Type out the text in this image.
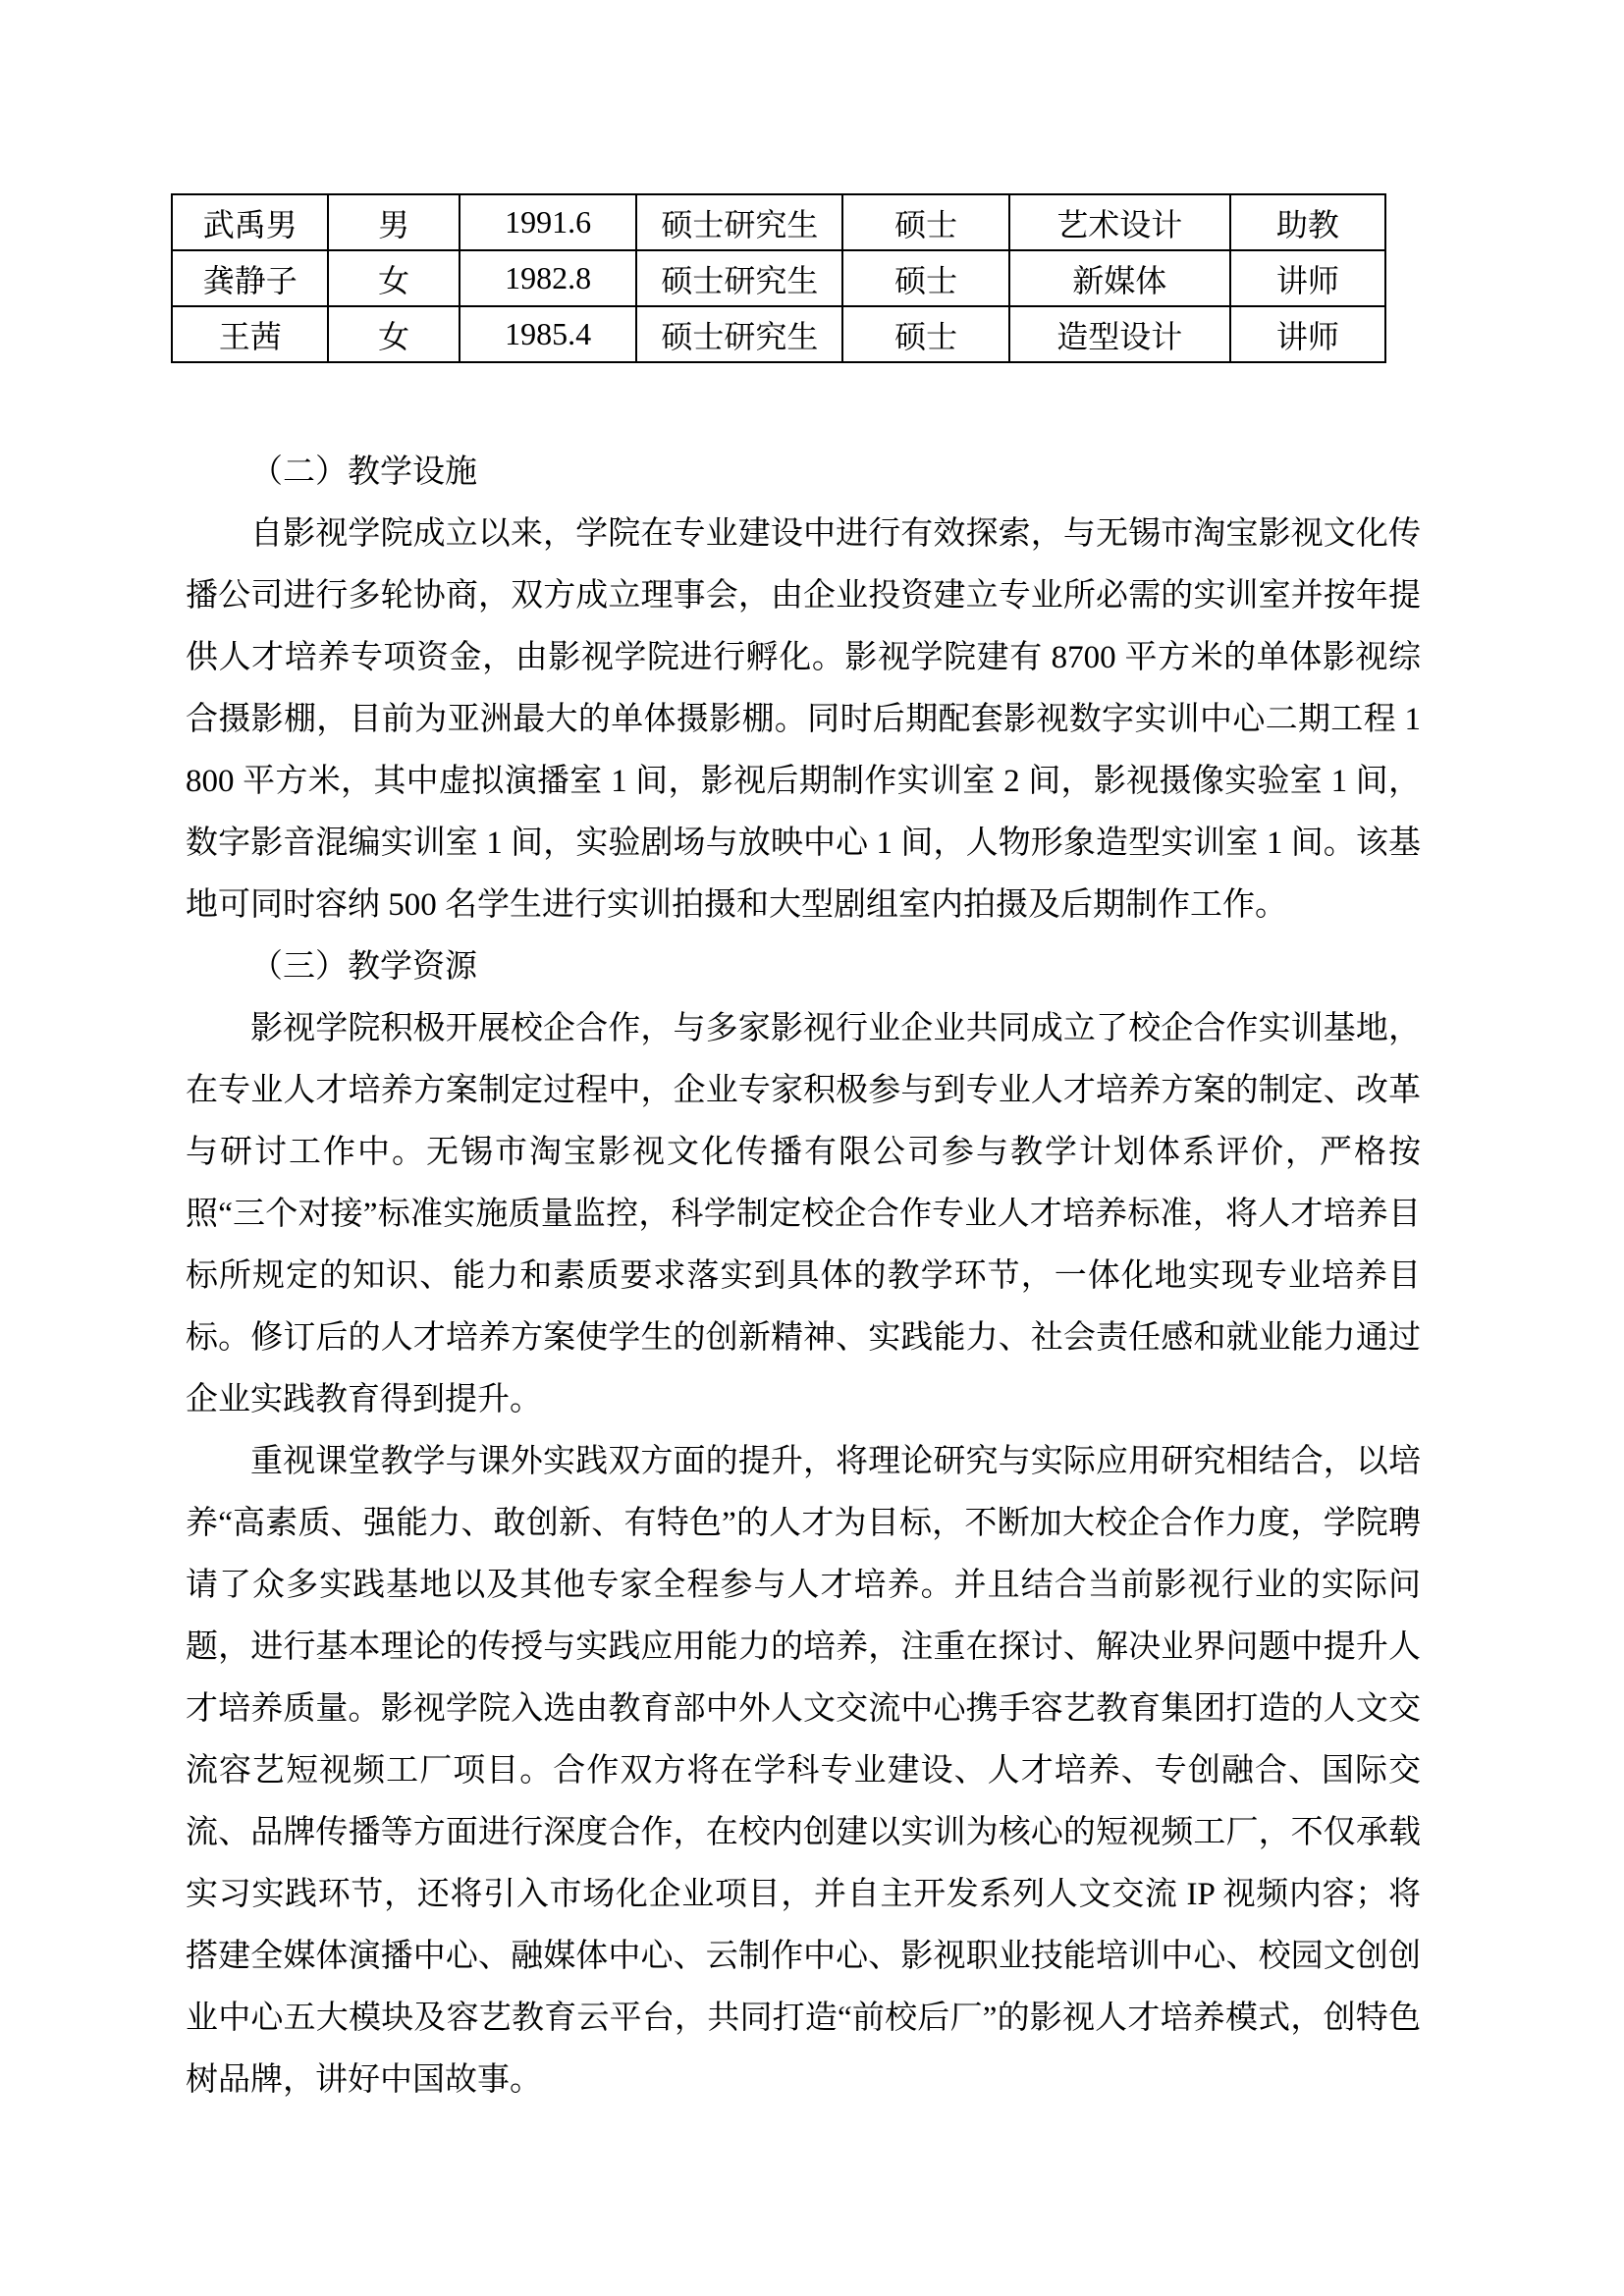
武禹男	男	1991.6	硕士研究生	硕士	艺术设计	助教
龚静子	女	1982.8	硕士研究生	硕士	新媒体	讲师
王茜	女	1985.4	硕士研究生	硕士	造型设计	讲师

（二）教学设施

自影视学院成立以来，学院在专业建设中进行有效探索，与无锡市淘宝影视文化传播公司进行多轮协商，双方成立理事会，由企业投资建立专业所必需的实训室并按年提供人才培养专项资金，由影视学院进行孵化。影视学院建有 8700 平方米的单体影视综合摄影棚，目前为亚洲最大的单体摄影棚。同时后期配套影视数字实训中心二期工程 1800 平方米，其中虚拟演播室 1 间，影视后期制作实训室 2 间，影视摄像实验室 1 间，数字影音混编实训室 1 间，实验剧场与放映中心 1 间，人物形象造型实训室 1 间。该基地可同时容纳 500 名学生进行实训拍摄和大型剧组室内拍摄及后期制作工作。

（三）教学资源

影视学院积极开展校企合作，与多家影视行业企业共同成立了校企合作实训基地，在专业人才培养方案制定过程中，企业专家积极参与到专业人才培养方案的制定、改革与研讨工作中。无锡市淘宝影视文化传播有限公司参与教学计划体系评价，严格按照“三个对接”标准实施质量监控，科学制定校企合作专业人才培养标准，将人才培养目标所规定的知识、能力和素质要求落实到具体的教学环节，一体化地实现专业培养目标。修订后的人才培养方案使学生的创新精神、实践能力、社会责任感和就业能力通过企业实践教育得到提升。

重视课堂教学与课外实践双方面的提升，将理论研究与实际应用研究相结合，以培养“高素质、强能力、敢创新、有特色”的人才为目标，不断加大校企合作力度，学院聘请了众多实践基地以及其他专家全程参与人才培养。并且结合当前影视行业的实际问题，进行基本理论的传授与实践应用能力的培养，注重在探讨、解决业界问题中提升人才培养质量。影视学院入选由教育部中外人文交流中心携手容艺教育集团打造的人文交流容艺短视频工厂项目。合作双方将在学科专业建设、人才培养、专创融合、国际交流、品牌传播等方面进行深度合作，在校内创建以实训为核心的短视频工厂，不仅承载实习实践环节，还将引入市场化企业项目，并自主开发系列人文交流 IP 视频内容；将搭建全媒体演播中心、融媒体中心、云制作中心、影视职业技能培训中心、校园文创创业中心五大模块及容艺教育云平台，共同打造“前校后厂”的影视人才培养模式，创特色树品牌，讲好中国故事。
